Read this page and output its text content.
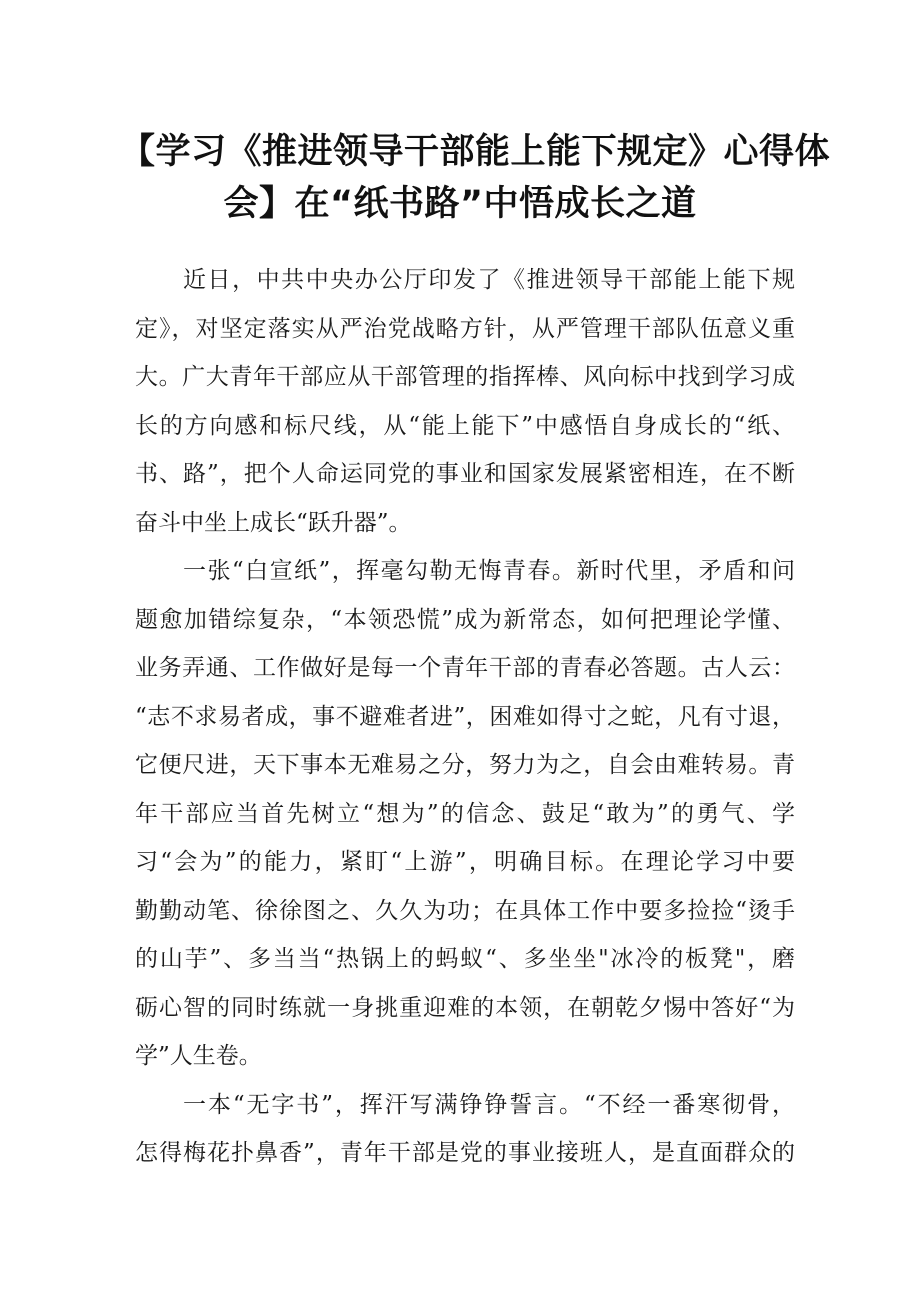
【学习《推进领导干部能上能下规定》心得体
会】在“纸书路”中悟成长之道
近日，中共中央办公厅印发了《推进领导干部能上能下规
定》，对坚定落实从严治党战略方针，从严管理干部队伍意义重
大。广大青年干部应从干部管理的指挥棒、风向标中找到学习成
长的方向感和标尺线，从“能上能下”中感悟自身成长的“纸、
书、路”，把个人命运同党的事业和国家发展紧密相连，在不断
奋斗中坐上成长“跃升器”。
一张“白宣纸”，挥毫勾勒无悔青春。新时代里，矛盾和问
题愈加错综复杂，“本领恐慌”成为新常态，如何把理论学懂、
业务弄通、工作做好是每一个青年干部的青春必答题。古人云：
“志不求易者成，事不避难者进”，困难如得寸之蛇，凡有寸退，
它便尺进，天下事本无难易之分，努力为之，自会由难转易。青
年干部应当首先树立“想为”的信念、鼓足“敢为”的勇气、学
习“会为”的能力，紧盯“上游”，明确目标。在理论学习中要
勤勤动笔、徐徐图之、久久为功；在具体工作中要多捡捡“烫手
的山芋”、多当当“热锅上的蚂蚁“、多坐坐"冰冷的板凳"，磨
砺心智的同时练就一身挑重迎难的本领，在朝乾夕惕中答好“为
学”人生卷。
一本“无字书”，挥汗写满铮铮誓言。“不经一番寒彻骨，
怎得梅花扑鼻香”，青年干部是党的事业接班人，是直面群众的
